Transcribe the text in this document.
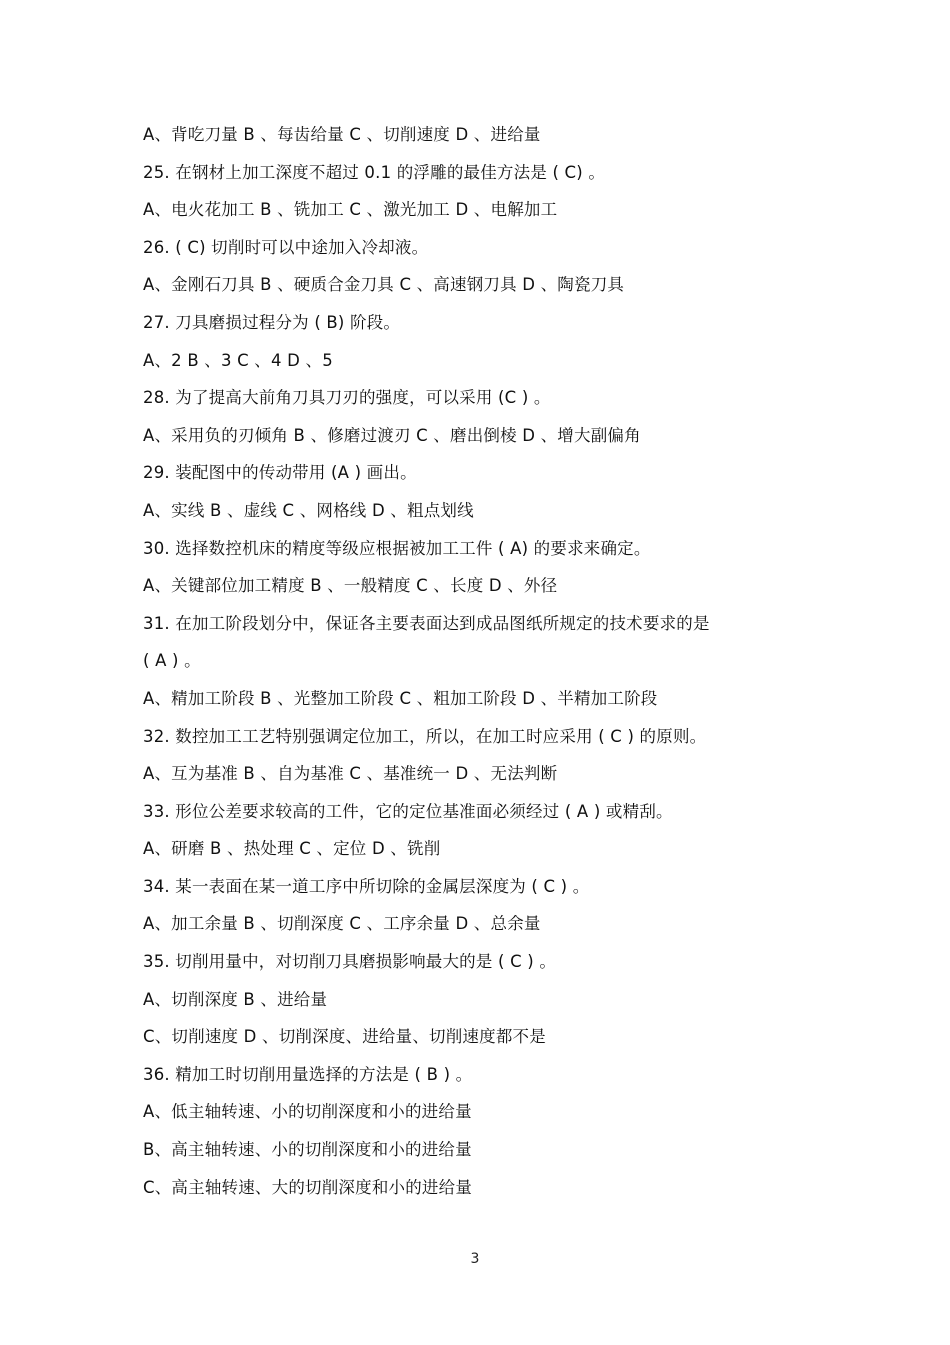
A、背吃刀量 B 、每齿给量 C 、切削速度 D 、进给量
25. 在钢材上加工深度不超过 0.1 的浮雕的最佳方法是 ( C) 。
A、电火花加工 B 、铣加工 C 、激光加工 D 、电解加工
26. ( C) 切削时可以中途加入冷却液。
A、金刚石刀具 B 、硬质合金刀具 C 、高速钢刀具 D 、陶瓷刀具
27. 刀具磨损过程分为 ( B) 阶段。
A、2 B 、3 C 、4 D 、5
28. 为了提高大前角刀具刀刃的强度，可以采用 (C ) 。
A、采用负的刃倾角 B 、修磨过渡刃 C 、磨出倒棱 D 、增大副偏角
29. 装配图中的传动带用 (A ) 画出。
A、实线 B 、虚线 C 、网格线 D 、粗点划线
30. 选择数控机床的精度等级应根据被加工工件 ( A) 的要求来确定。
A、关键部位加工精度 B 、一般精度 C 、长度 D 、外径
31. 在加工阶段划分中，保证各主要表面达到成品图纸所规定的技术要求的是
( A ) 。
A、精加工阶段 B 、光整加工阶段 C 、粗加工阶段 D 、半精加工阶段
32. 数控加工工艺特别强调定位加工，所以，在加工时应采用 ( C ) 的原则。
A、互为基准 B 、自为基准 C 、基准统一 D 、无法判断
33. 形位公差要求较高的工件，它的定位基准面必须经过 ( A ) 或精刮。
A、研磨 B 、热处理 C 、定位 D 、铣削
34. 某一表面在某一道工序中所切除的金属层深度为 ( C ) 。
A、加工余量 B 、切削深度 C 、工序余量 D 、总余量
35. 切削用量中，对切削刀具磨损影响最大的是 ( C ) 。
A、切削深度 B 、进给量
C、切削速度 D 、切削深度、进给量、切削速度都不是
36. 精加工时切削用量选择的方法是 ( B ) 。
A、低主轴转速、小的切削深度和小的进给量
B、高主轴转速、小的切削深度和小的进给量
C、高主轴转速、大的切削深度和小的进给量
3
